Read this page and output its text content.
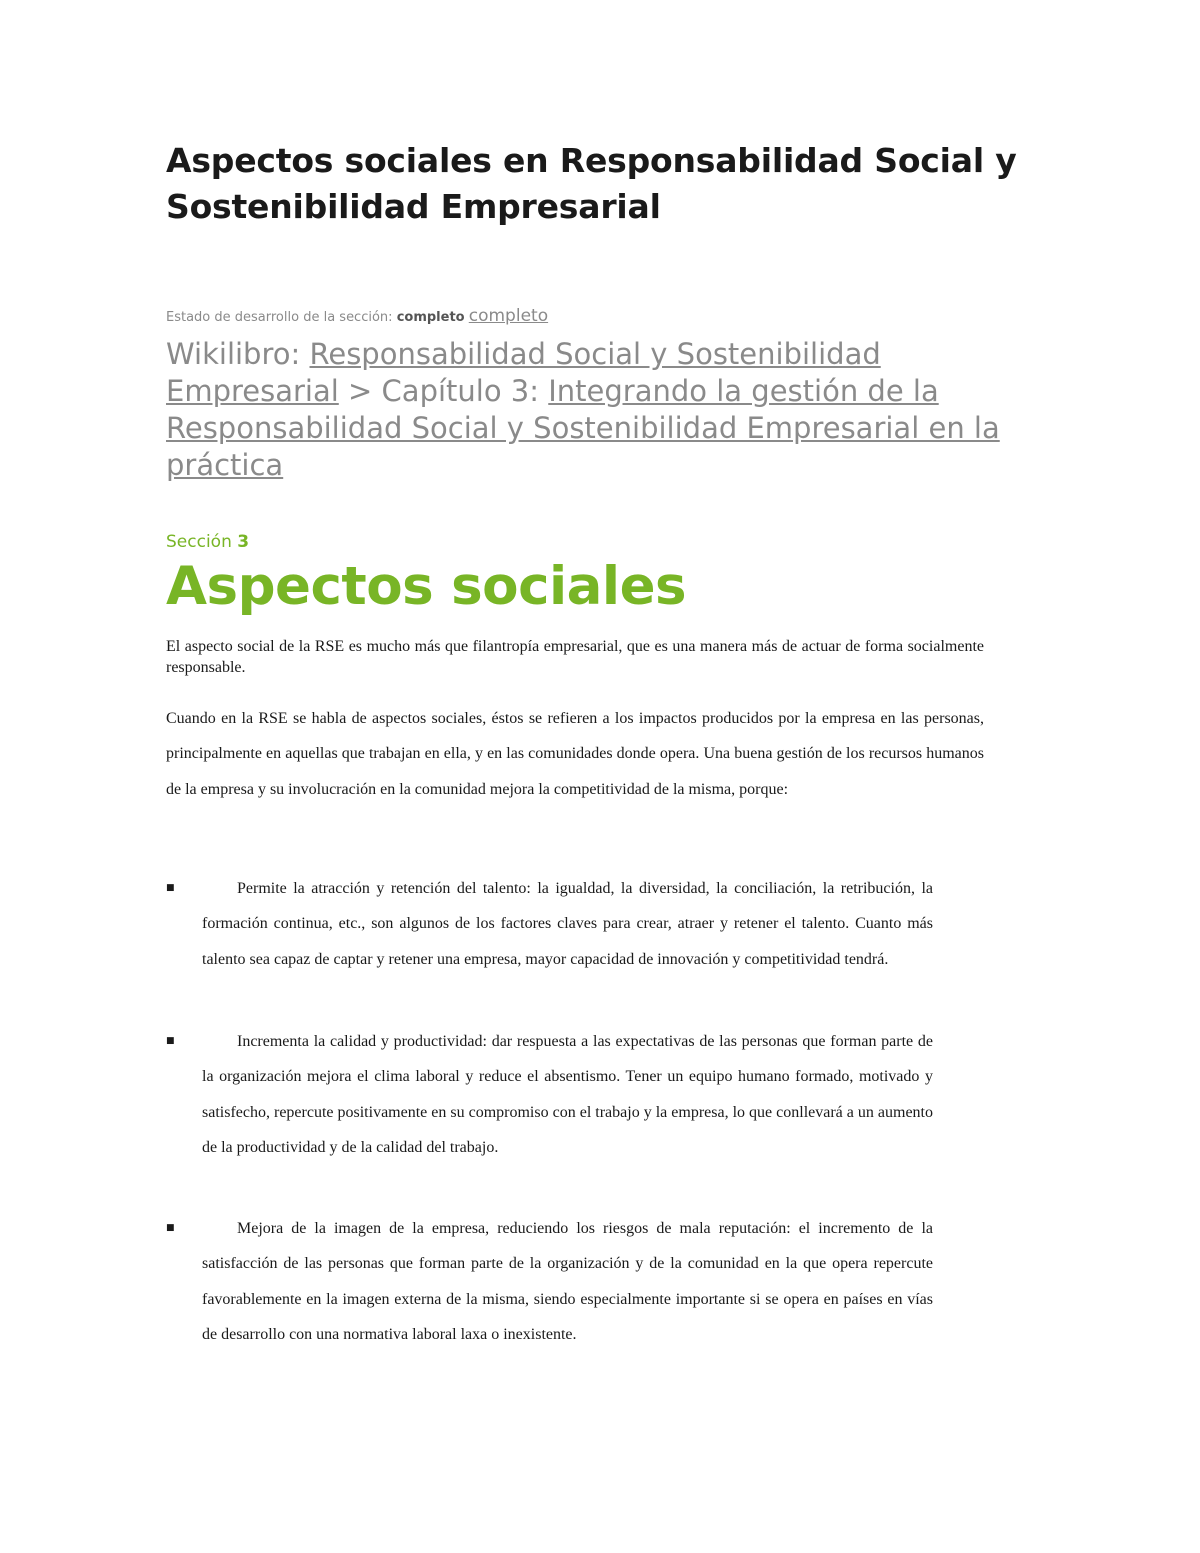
Aspectos sociales en Responsabilidad Social y Sostenibilidad Empresarial
Estado de desarrollo de la sección: completo completo
Wikilibro: Responsabilidad Social y Sostenibilidad Empresarial > Capítulo 3: Integrando la gestión de la Responsabilidad Social y Sostenibilidad Empresarial en la práctica
Sección 3
Aspectos sociales

El aspecto social de la RSE es mucho más que filantropía empresarial, que es una manera más de actuar de forma socialmente responsable.

Cuando en la RSE se habla de aspectos sociales, éstos se refieren a los impactos producidos por la empresa en las personas, principalmente en aquellas que trabajan en ella, y en las comunidades donde opera. Una buena gestión de los recursos humanos de la empresa y su involucración en la comunidad mejora la competitividad de la misma, porque:

■	Permite la atracción y retención del talento: la igualdad, la diversidad, la conciliación, la retribución, la formación continua, etc., son algunos de los factores claves para crear, atraer y retener el talento. Cuanto más talento sea capaz de captar y retener una empresa, mayor capacidad de innovación y competitividad tendrá.
■	Incrementa la calidad y productividad: dar respuesta a las expectativas de las personas que forman parte de la organización mejora el clima laboral y reduce el absentismo. Tener un equipo humano formado, motivado y satisfecho, repercute positivamente en su compromiso con el trabajo y la empresa, lo que conllevará a un aumento de la productividad y de la calidad del trabajo.
■	Mejora de la imagen de la empresa, reduciendo los riesgos de mala reputación: el incremento de la satisfacción de las personas que forman parte de la organización y de la comunidad en la que opera repercute favorablemente en la imagen externa de la misma, siendo especialmente importante si se opera en países en vías de desarrollo con una normativa laboral laxa o inexistente.
